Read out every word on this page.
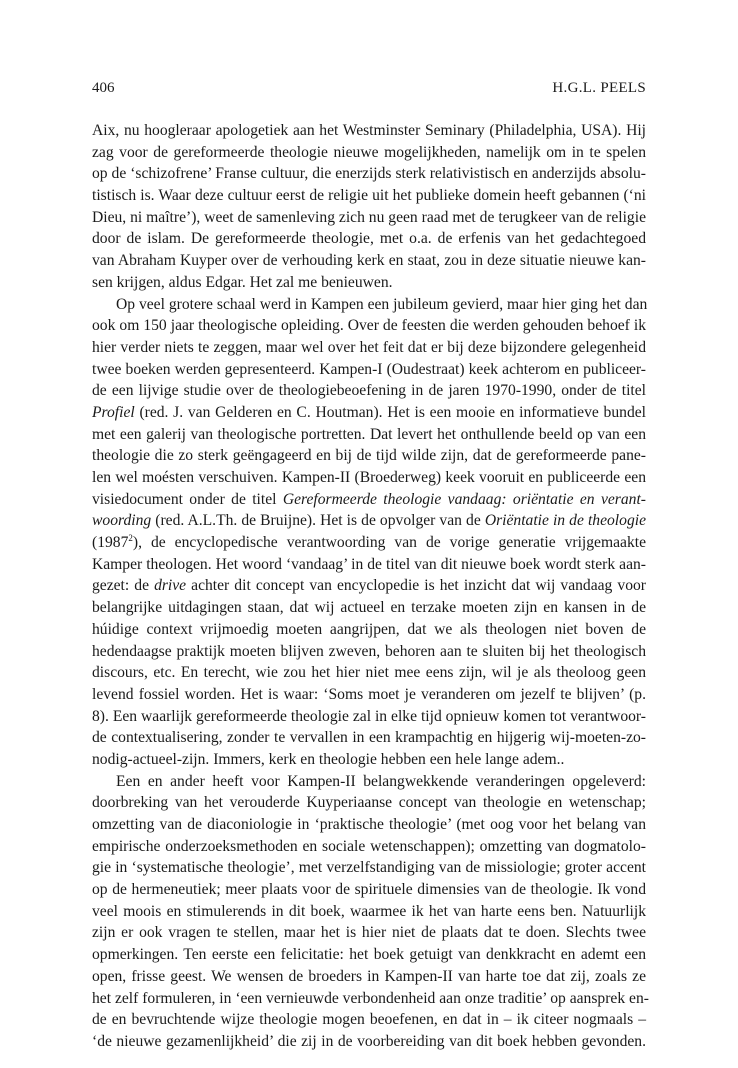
406	H.G.L. PEELS
Aix, nu hoogleraar apologetiek aan het Westminster Seminary (Philadelphia, USA). Hij
zag voor de gereformeerde theologie nieuwe mogelijkheden, namelijk om in te spelen
op de ‘schizofrene’ Franse cultuur, die enerzijds sterk relativistisch en anderzijds absolu-
tistisch is. Waar deze cultuur eerst de religie uit het publieke domein heeft gebannen (‘ni
Dieu, ni maître’), weet de samenleving zich nu geen raad met de terugkeer van de religie
door de islam. De gereformeerde theologie, met o.a. de erfenis van het gedachtegoed
van Abraham Kuyper over de verhouding kerk en staat, zou in deze situatie nieuwe kan-
sen krijgen, aldus Edgar. Het zal me benieuwen.
Op veel grotere schaal werd in Kampen een jubileum gevierd, maar hier ging het dan
ook om 150 jaar theologische opleiding. Over de feesten die werden gehouden behoef ik
hier verder niets te zeggen, maar wel over het feit dat er bij deze bijzondere gelegenheid
twee boeken werden gepresenteerd. Kampen-I (Oudestraat) keek achterom en publiceer-
de een lijvige studie over de theologiebeoefening in de jaren 1970-1990, onder de titel
Profiel (red. J. van Gelderen en C. Houtman). Het is een mooie en informatieve bundel
met een galerij van theologische portretten. Dat levert het onthullende beeld op van een
theologie die zo sterk geëngageerd en bij de tijd wilde zijn, dat de gereformeerde pane-
len wel moésten verschuiven. Kampen-II (Broederweg) keek vooruit en publiceerde een
visiedocument onder de titel Gereformeerde theologie vandaag: oriëntatie en verant-
woording (red. A.L.Th. de Bruijne). Het is de opvolger van de Oriëntatie in de theologie
(1987$^2$), de encyclopedische verantwoording van de vorige generatie vrijgemaakte
Kamper theologen. Het woord ‘vandaag’ in de titel van dit nieuwe boek wordt sterk aan-
gezet: de drive achter dit concept van encyclopedie is het inzicht dat wij vandaag voor
belangrijke uitdagingen staan, dat wij actueel en terzake moeten zijn en kansen in de
húidige context vrijmoedig moeten aangrijpen, dat we als theologen niet boven de
hedendaagse praktijk moeten blijven zweven, behoren aan te sluiten bij het theologisch
discours, etc. En terecht, wie zou het hier niet mee eens zijn, wil je als theoloog geen
levend fossiel worden. Het is waar: ‘Soms moet je veranderen om jezelf te blijven’ (p.
8). Een waarlijk gereformeerde theologie zal in elke tijd opnieuw komen tot verantwoor-
de contextualisering, zonder te vervallen in een krampachtig en hijgerig wij-moeten-zo-
nodig-actueel-zijn. Immers, kerk en theologie hebben een hele lange adem..
Een en ander heeft voor Kampen-II belangwekkende veranderingen opgeleverd:
doorbreking van het verouderde Kuyperiaanse concept van theologie en wetenschap;
omzetting van de diaconiologie in ‘praktische theologie’ (met oog voor het belang van
empirische onderzoeksmethoden en sociale wetenschappen); omzetting van dogmatolo-
gie in ‘systematische theologie’, met verzelfstandiging van de missiologie; groter accent
op de hermeneutiek; meer plaats voor de spirituele dimensies van de theologie. Ik vond
veel moois en stimulerends in dit boek, waarmee ik het van harte eens ben. Natuurlijk
zijn er ook vragen te stellen, maar het is hier niet de plaats dat te doen. Slechts twee
opmerkingen. Ten eerste een felicitatie: het boek getuigt van denkkracht en ademt een
open, frisse geest. We wensen de broeders in Kampen-II van harte toe dat zij, zoals ze
het zelf formuleren, in ‘een vernieuwde verbondenheid aan onze traditie’ op aansprek en-
de en bevruchtende wijze theologie mogen beoefenen, en dat in – ik citeer nogmaals –
‘de nieuwe gezamenlijkheid’ die zij in de voorbereiding van dit boek hebben gevonden.
